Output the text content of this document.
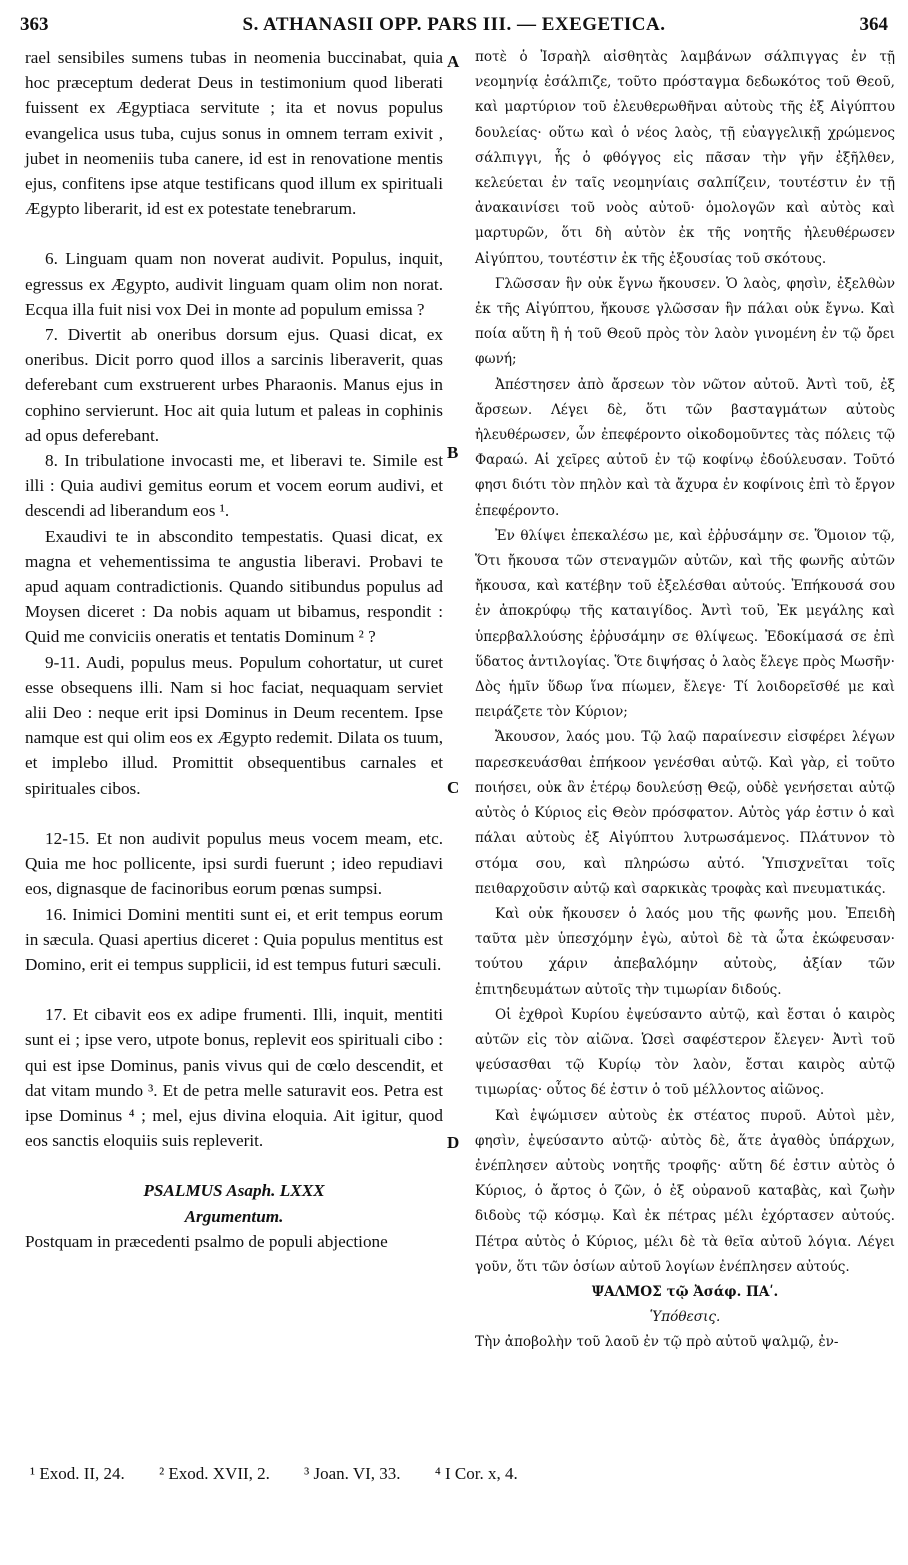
363	S. ATHANASII OPP. PARS III. — EXEGETICA.	364
A
B
C
D

rael sensibiles sumens tubas in neomenia buccinabat, quia hoc præceptum dederat Deus in testimonium quod liberati fuissent ex Ægyptiaca servitute ; ita et novus populus evangelica usus tuba, cujus sonus in omnem terram exivit , jubet in neomeniis tuba canere, id est in renovatione mentis ejus, confitens ipse atque testificans quod illum ex spirituali Ægypto liberarit, id est ex potestate tenebrarum.

6. Linguam quam non noverat audivit. Populus, inquit, egressus ex Ægypto, audivit linguam quam olim non norat. Ecqua illa fuit nisi vox Dei in monte ad populum emissa ?

7. Divertit ab oneribus dorsum ejus. Quasi dicat, ex oneribus. Dicit porro quod illos a sarcinis liberaverit, quas deferebant cum exstruerent urbes Pharaonis. Manus ejus in cophino servierunt. Hoc ait quia lutum et paleas in cophinis ad opus deferebant.

8. In tribulatione invocasti me, et liberavi te. Simile est illi : Quia audivi gemitus eorum et vocem eorum audivi, et descendi ad liberandum eos ¹.

Exaudivi te in abscondito tempestatis. Quasi dicat, ex magna et vehementissima te angustia liberavi. Probavi te apud aquam contradictionis. Quando sitibundus populus ad Moysen diceret : Da nobis aquam ut bibamus, respondit : Quid me conviciis oneratis et tentatis Dominum ² ?

9-11. Audi, populus meus. Populum cohortatur, ut curet esse obsequens illi. Nam si hoc faciat, nequaquam serviet alii Deo : neque erit ipsi Dominus in Deum recentem. Ipse namque est qui olim eos ex Ægypto redemit. Dilata os tuum, et implebo illud. Promittit obsequentibus carnales et spirituales cibos.

12-15. Et non audivit populus meus vocem meam, etc. Quia me hoc pollicente, ipsi surdi fuerunt ; ideo repudiavi eos, dignasque de facinoribus eorum pœnas sumpsi.

16. Inimici Domini mentiti sunt ei, et erit tempus eorum in sæcula. Quasi apertius diceret : Quia populus mentitus est Domino, erit ei tempus supplicii, id est tempus futuri sæculi.

17. Et cibavit eos ex adipe frumenti. Illi, inquit, mentiti sunt ei ; ipse vero, utpote bonus, replevit eos spirituali cibo : qui est ipse Dominus, panis vivus qui de cœlo descendit, et dat vitam mundo ³. Et de petra melle saturavit eos. Petra est ipse Dominus ⁴ ; mel, ejus divina eloquia. Ait igitur, quod eos sanctis eloquiis suis repleverit.

PSALMUS Asaph. LXXX

Argumentum.

Postquam in præcedenti psalmo de populi abjectione

ποτὲ ὁ Ἰσραὴλ αἰσθητὰς λαμβάνων σάλπιγγας ἐν τῇ νεομηνίᾳ ἐσάλπιζε, τοῦτο πρόσταγμα δεδωκότος τοῦ Θεοῦ, καὶ μαρτύριον τοῦ ἐλευθερωθῆναι αὐτοὺς τῆς ἐξ Αἰγύπτου δουλείας· οὕτω καὶ ὁ νέος λαὸς, τῇ εὐαγγελικῇ χρώμενος σάλπιγγι, ἧς ὁ φθόγγος εἰς πᾶσαν τὴν γῆν ἐξῆλθεν, κελεύεται ἐν ταῖς νεομηνίαις σαλπίζειν, τουτέστιν ἐν τῇ ἀνακαινίσει τοῦ νοὸς αὐτοῦ· ὁμολογῶν καὶ αὐτὸς καὶ μαρτυρῶν, ὅτι δὴ αὐτὸν ἐκ τῆς νοητῆς ἠλευθέρωσεν Αἰγύπτου, τουτέστιν ἐκ τῆς ἐξουσίας τοῦ σκότους.

Γλῶσσαν ἣν οὐκ ἔγνω ἤκουσεν. Ὁ λαὸς, φησὶν, ἐξελθὼν ἐκ τῆς Αἰγύπτου, ἤκουσε γλῶσσαν ἣν πάλαι οὐκ ἔγνω. Καὶ ποία αὕτη ἢ ἡ τοῦ Θεοῦ πρὸς τὸν λαὸν γινομένη ἐν τῷ ὄρει φωνή;

Ἀπέστησεν ἀπὸ ἄρσεων τὸν νῶτον αὐτοῦ. Ἀντὶ τοῦ, ἐξ ἄρσεων. Λέγει δὲ, ὅτι τῶν βασταγμάτων αὐτοὺς ἠλευθέρωσεν, ὧν ἐπεφέροντο οἰκοδομοῦντες τὰς πόλεις τῷ Φαραώ. Αἱ χεῖρες αὐτοῦ ἐν τῷ κοφίνῳ ἐδούλευσαν. Τοῦτό φησι διότι τὸν πηλὸν καὶ τὰ ἄχυρα ἐν κοφίνοις ἐπὶ τὸ ἔργον ἐπεφέροντο.

Ἐν θλίψει ἐπεκαλέσω με, καὶ ἐῤῥυσάμην σε. Ὅμοιον τῷ, Ὅτι ἤκουσα τῶν στεναγμῶν αὐτῶν, καὶ τῆς φωνῆς αὐτῶν ἤκουσα, καὶ κατέβην τοῦ ἐξελέσθαι αὐτούς. Ἐπήκουσά σου ἐν ἀποκρύφῳ τῆς καταιγίδος. Ἀντὶ τοῦ, Ἐκ μεγάλης καὶ ὑπερβαλλούσης ἐῤῥυσάμην σε θλίψεως. Ἐδοκίμασά σε ἐπὶ ὕδατος ἀντιλογίας. Ὅτε διψήσας ὁ λαὸς ἔλεγε πρὸς Μωσῆν· Δὸς ἡμῖν ὕδωρ ἵνα πίωμεν, ἔλεγε· Τί λοιδορεῖσθέ με καὶ πειράζετε τὸν Κύριον;

Ἄκουσον, λαός μου. Τῷ λαῷ παραίνεσιν εἰσφέρει λέγων παρεσκευάσθαι ἐπήκοον γενέσθαι αὐτῷ. Καὶ γὰρ, εἰ τοῦτο ποιήσει, οὐκ ἂν ἑτέρῳ δουλεύσῃ Θεῷ, οὐδὲ γενήσεται αὐτῷ αὐτὸς ὁ Κύριος εἰς Θεὸν πρόσφατον. Αὐτὸς γάρ ἐστιν ὁ καὶ πάλαι αὐτοὺς ἐξ Αἰγύπτου λυτρωσάμενος. Πλάτυνον τὸ στόμα σου, καὶ πληρώσω αὐτό. Ὑπισχνεῖται τοῖς πειθαρχοῦσιν αὐτῷ καὶ σαρκικὰς τροφὰς καὶ πνευματικάς.

Καὶ οὐκ ἤκουσεν ὁ λαός μου τῆς φωνῆς μου. Ἐπειδὴ ταῦτα μὲν ὑπεσχόμην ἐγὼ, αὐτοὶ δὲ τὰ ὦτα ἐκώφευσαν· τούτου χάριν ἀπεβαλόμην αὐτοὺς, ἀξίαν τῶν ἐπιτηδευμάτων αὐτοῖς τὴν τιμωρίαν διδούς.

Οἱ ἐχθροὶ Κυρίου ἐψεύσαντο αὐτῷ, καὶ ἔσται ὁ καιρὸς αὐτῶν εἰς τὸν αἰῶνα. Ὡσεὶ σαφέστερον ἔλεγεν· Ἀντὶ τοῦ ψεύσασθαι τῷ Κυρίῳ τὸν λαὸν, ἔσται καιρὸς αὐτῷ τιμωρίας· οὗτος δέ ἐστιν ὁ τοῦ μέλλοντος αἰῶνος.

Καὶ ἐψώμισεν αὐτοὺς ἐκ στέατος πυροῦ. Αὐτοὶ μὲν, φησὶν, ἐψεύσαντο αὐτῷ· αὐτὸς δὲ, ἅτε ἀγαθὸς ὑπάρχων, ἐνέπλησεν αὐτοὺς νοητῆς τροφῆς· αὕτη δέ ἐστιν αὐτὸς ὁ Κύριος, ὁ ἄρτος ὁ ζῶν, ὁ ἐξ οὐρανοῦ καταβὰς, καὶ ζωὴν διδοὺς τῷ κόσμῳ. Καὶ ἐκ πέτρας μέλι ἐχόρτασεν αὐτούς. Πέτρα αὐτὸς ὁ Κύριος, μέλι δὲ τὰ θεῖα αὐτοῦ λόγια. Λέγει γοῦν, ὅτι τῶν ὁσίων αὐτοῦ λογίων ἐνέπλησεν αὐτούς.

ΨΑΛΜΟΣ τῷ Ἀσάφ. ΠΑʹ.

Ὑπόθεσις.

Τὴν ἀποβολὴν τοῦ λαοῦ ἐν τῷ πρὸ αὐτοῦ ψαλμῷ, ἐν-

¹ Exod. II, 24. ² Exod. XVII, 2. ³ Joan. VI, 33. ⁴ I Cor. x, 4.
